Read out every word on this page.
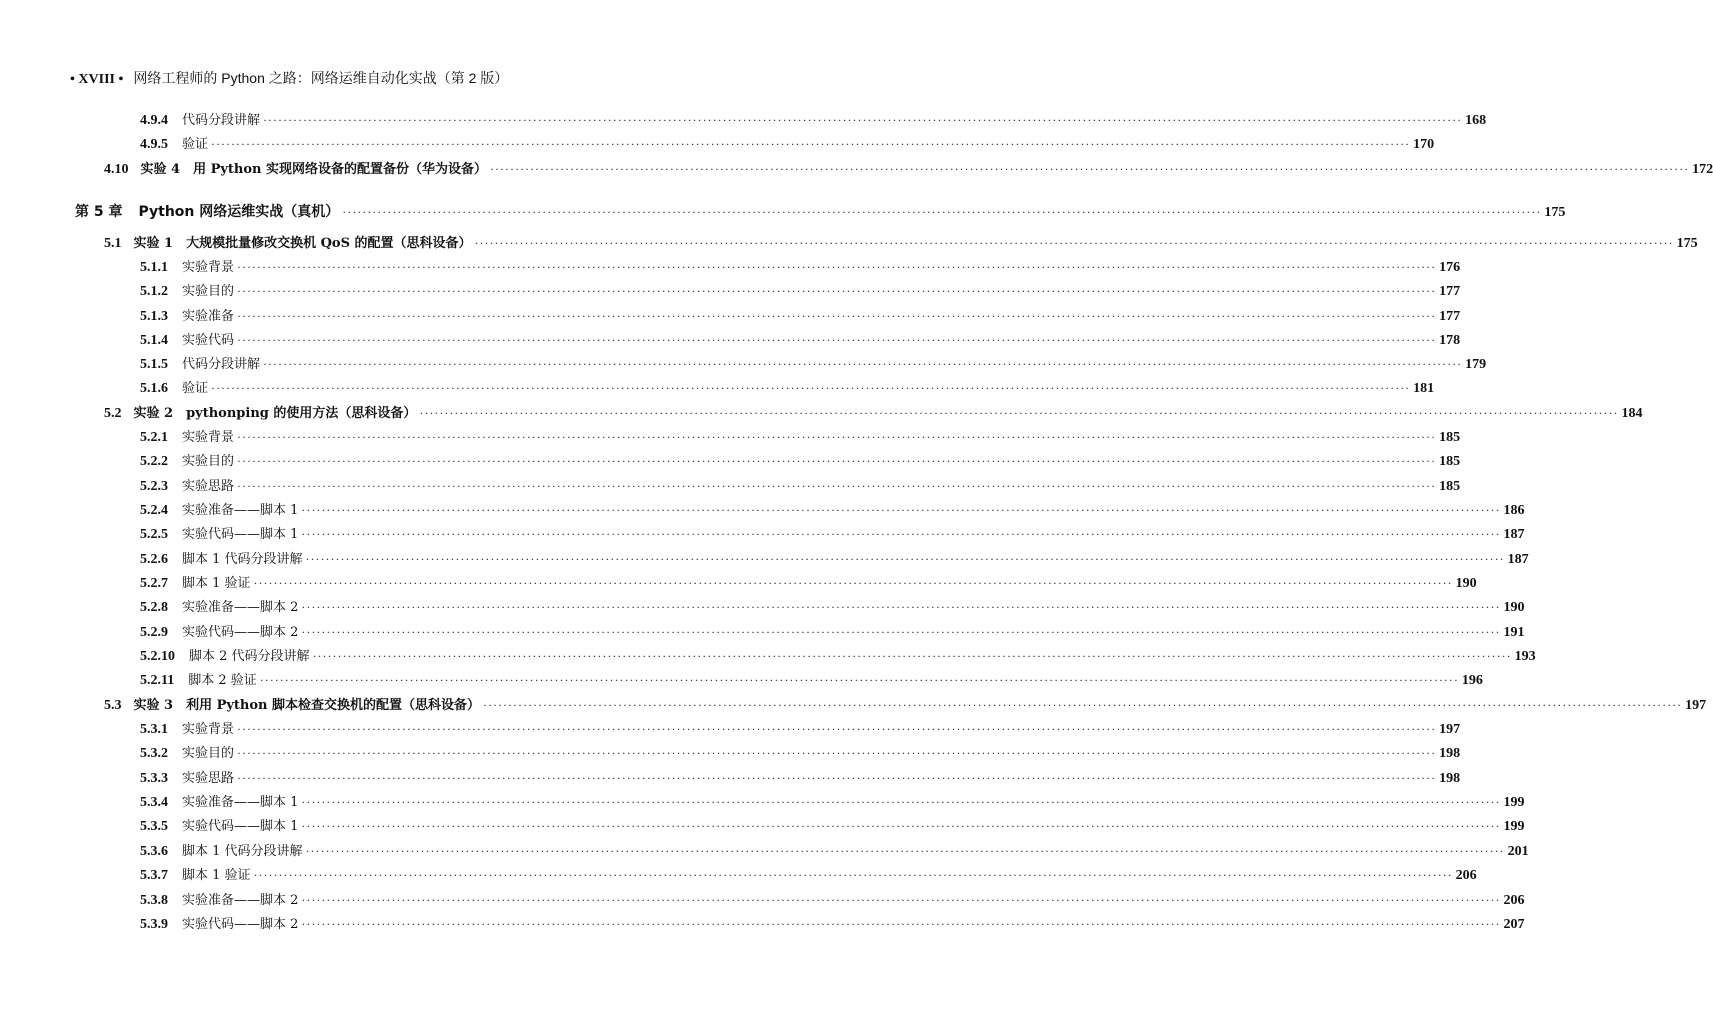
• XVIII • 网络工程师的 Python 之路：网络运维自动化实战（第 2 版）
4.9.4 代码分段讲解 ················································································································································································································································ 168
4.9.5 验证 ················································································································································································································································ 170
4.10 实验 4　用 Python 实现网络设备的配置备份（华为设备） ················································································································································································································································ 172
第 5 章 Python 网络运维实战（真机） ················································································································································································································································ 175
5.1 实验 1　大规模批量修改交换机 QoS 的配置（思科设备） ················································································································································································································································ 175
5.1.1 实验背景 ················································································································································································································································ 176
5.1.2 实验目的 ················································································································································································································································ 177
5.1.3 实验准备 ················································································································································································································································ 177
5.1.4 实验代码 ················································································································································································································································ 178
5.1.5 代码分段讲解 ················································································································································································································································ 179
5.1.6 验证 ················································································································································································································································ 181
5.2 实验 2　pythonping 的使用方法（思科设备） ················································································································································································································································ 184
5.2.1 实验背景 ················································································································································································································································ 185
5.2.2 实验目的 ················································································································································································································································ 185
5.2.3 实验思路 ················································································································································································································································ 185
5.2.4 实验准备——脚本 1 ················································································································································································································································ 186
5.2.5 实验代码——脚本 1 ················································································································································································································································ 187
5.2.6 脚本 1 代码分段讲解 ················································································································································································································································ 187
5.2.7 脚本 1 验证 ················································································································································································································································ 190
5.2.8 实验准备——脚本 2 ················································································································································································································································ 190
5.2.9 实验代码——脚本 2 ················································································································································································································································ 191
5.2.10 脚本 2 代码分段讲解 ················································································································································································································································ 193
5.2.11 脚本 2 验证 ················································································································································································································································ 196
5.3 实验 3　利用 Python 脚本检查交换机的配置（思科设备） ················································································································································································································································ 197
5.3.1 实验背景 ················································································································································································································································ 197
5.3.2 实验目的 ················································································································································································································································ 198
5.3.3 实验思路 ················································································································································································································································ 198
5.3.4 实验准备——脚本 1 ················································································································································································································································ 199
5.3.5 实验代码——脚本 1 ················································································································································································································································ 199
5.3.6 脚本 1 代码分段讲解 ················································································································································································································································ 201
5.3.7 脚本 1 验证 ················································································································································································································································ 206
5.3.8 实验准备——脚本 2 ················································································································································································································································ 206
5.3.9 实验代码——脚本 2 ················································································································································································································································ 207
